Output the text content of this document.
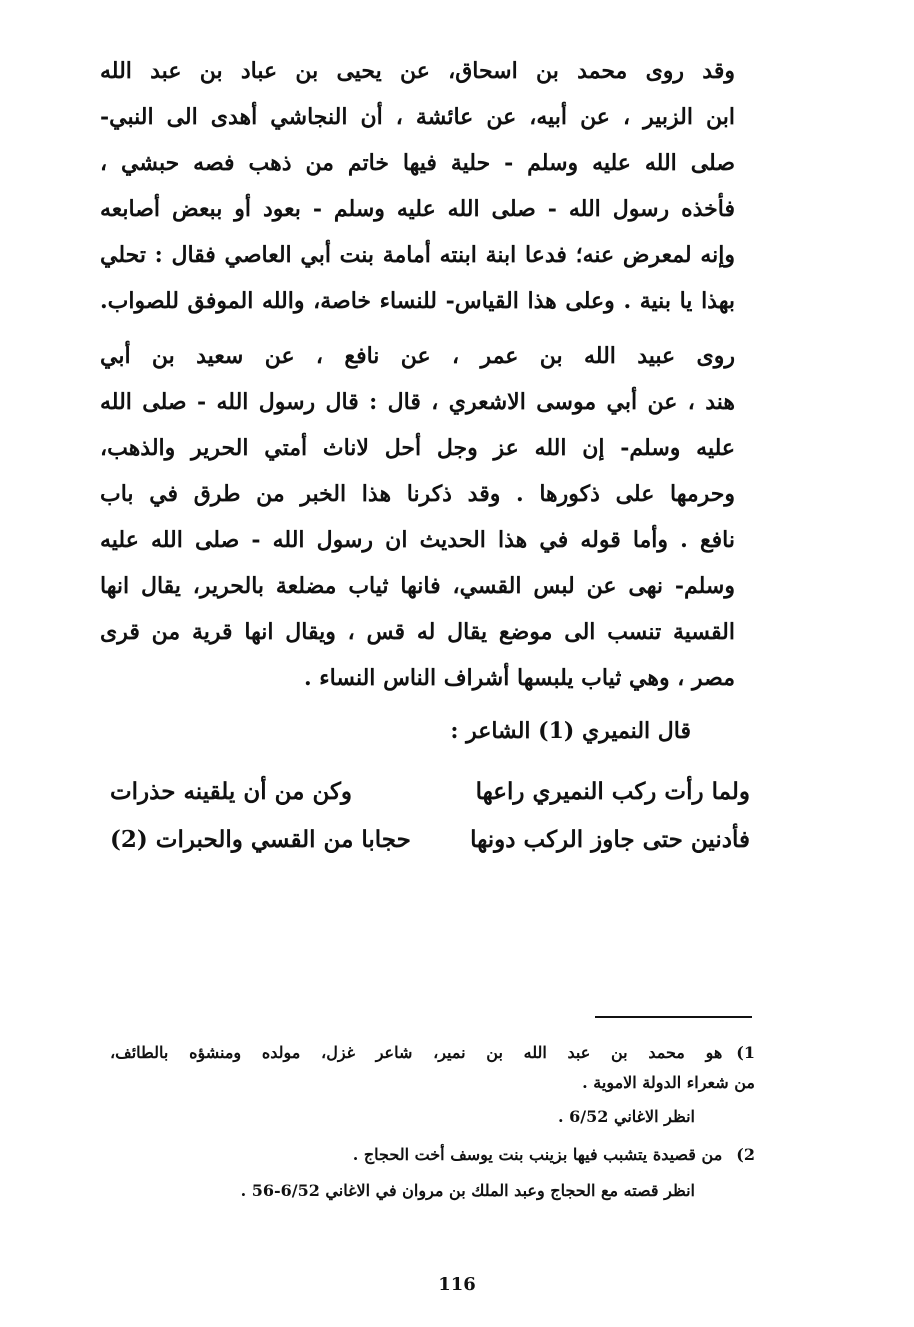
وقد روى محمد بن اسحاق، عن يحيى بن عباد بن عبد الله
ابن الزبير ، عن أبيه، عن عائشة ، أن النجاشي أهدى الى النبي-
صلى الله عليه وسلم - حلية فيها خاتم من ذهب فصه حبشي ،
فأخذه رسول الله - صلى الله عليه وسلم - بعود أو ببعض أصابعه
وإنه لمعرض عنه؛ فدعا ابنة ابنته أمامة بنت أبي العاصي فقال : تحلي
بهذا يا بنية . وعلى هذا القياس- للنساء خاصة، والله الموفق للصواب.
روى عبيد الله بن عمر ، عن نافع ، عن سعيد بن أبي
هند ، عن أبي موسى الاشعري ، قال : قال رسول الله - صلى الله
عليه وسلم- إن الله عز وجل أحل لاناث أمتي الحرير والذهب،
وحرمها على ذكورها . وقد ذكرنا هذا الخبر من طرق في باب
نافع . وأما قوله في هذا الحديث ان رسول الله - صلى الله عليه
وسلم- نهى عن لبس القسي، فانها ثياب مضلعة بالحرير، يقال انها
القسية تنسب الى موضع يقال له قس ، ويقال انها قرية من قرى
مصر ، وهي ثياب يلبسها أشراف الناس النساء .
قال النميري (1) الشاعر :
ولما رأت ركب النميري راعها
وكن من أن يلقينه حذرات
فأدنين حتى جاوز الركب دونها
حجابا من القسي والحبرات (2)
1)هو محمد بن عبد الله بن نمير، شاعر غزل، مولده ومنشؤه بالطائف،
من شعراء الدولة الاموية .
انظر الاغاني 6/52 .
2)من قصيدة يتشبب فيها بزينب بنت يوسف أخت الحجاج .
انظر قصته مع الحجاج وعبد الملك بن مروان في الاغاني 6/52-56 .
116
